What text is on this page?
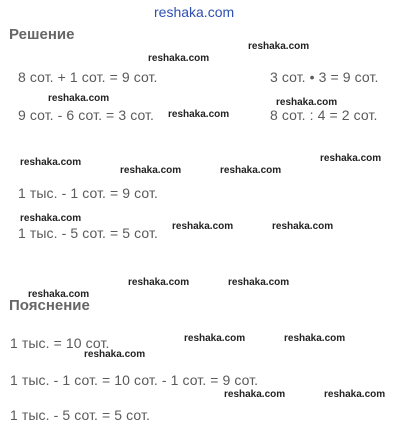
reshaka.com
Решение
8 сот. + 1 сот. = 9 сот.
9 сот. - 6 сот. = 3 сот.
3 сот. • 3 = 9 сот.
8 сот. : 4 = 2 сот.
1 тыс. - 1 сот. = 9 сот.
1 тыс. - 5 сот. = 5 сот.
Пояснение
1 тыс. = 10 сот.
1 тыс. - 1 сот. = 10 сот. - 1 сот. = 9 сот.
1 тыс. - 5 сот. = 5 сот.
reshaka.com
reshaka.com
reshaka.com	reshaka.com
reshaka.com
reshaka.com
reshaka.com
reshaka.com	reshaka.com
reshaka.com
reshaka.com	reshaka.com
reshaka.com	reshaka.com
reshaka.com
reshaka.com	reshaka.com
reshaka.com
reshaka.com	reshaka.com
